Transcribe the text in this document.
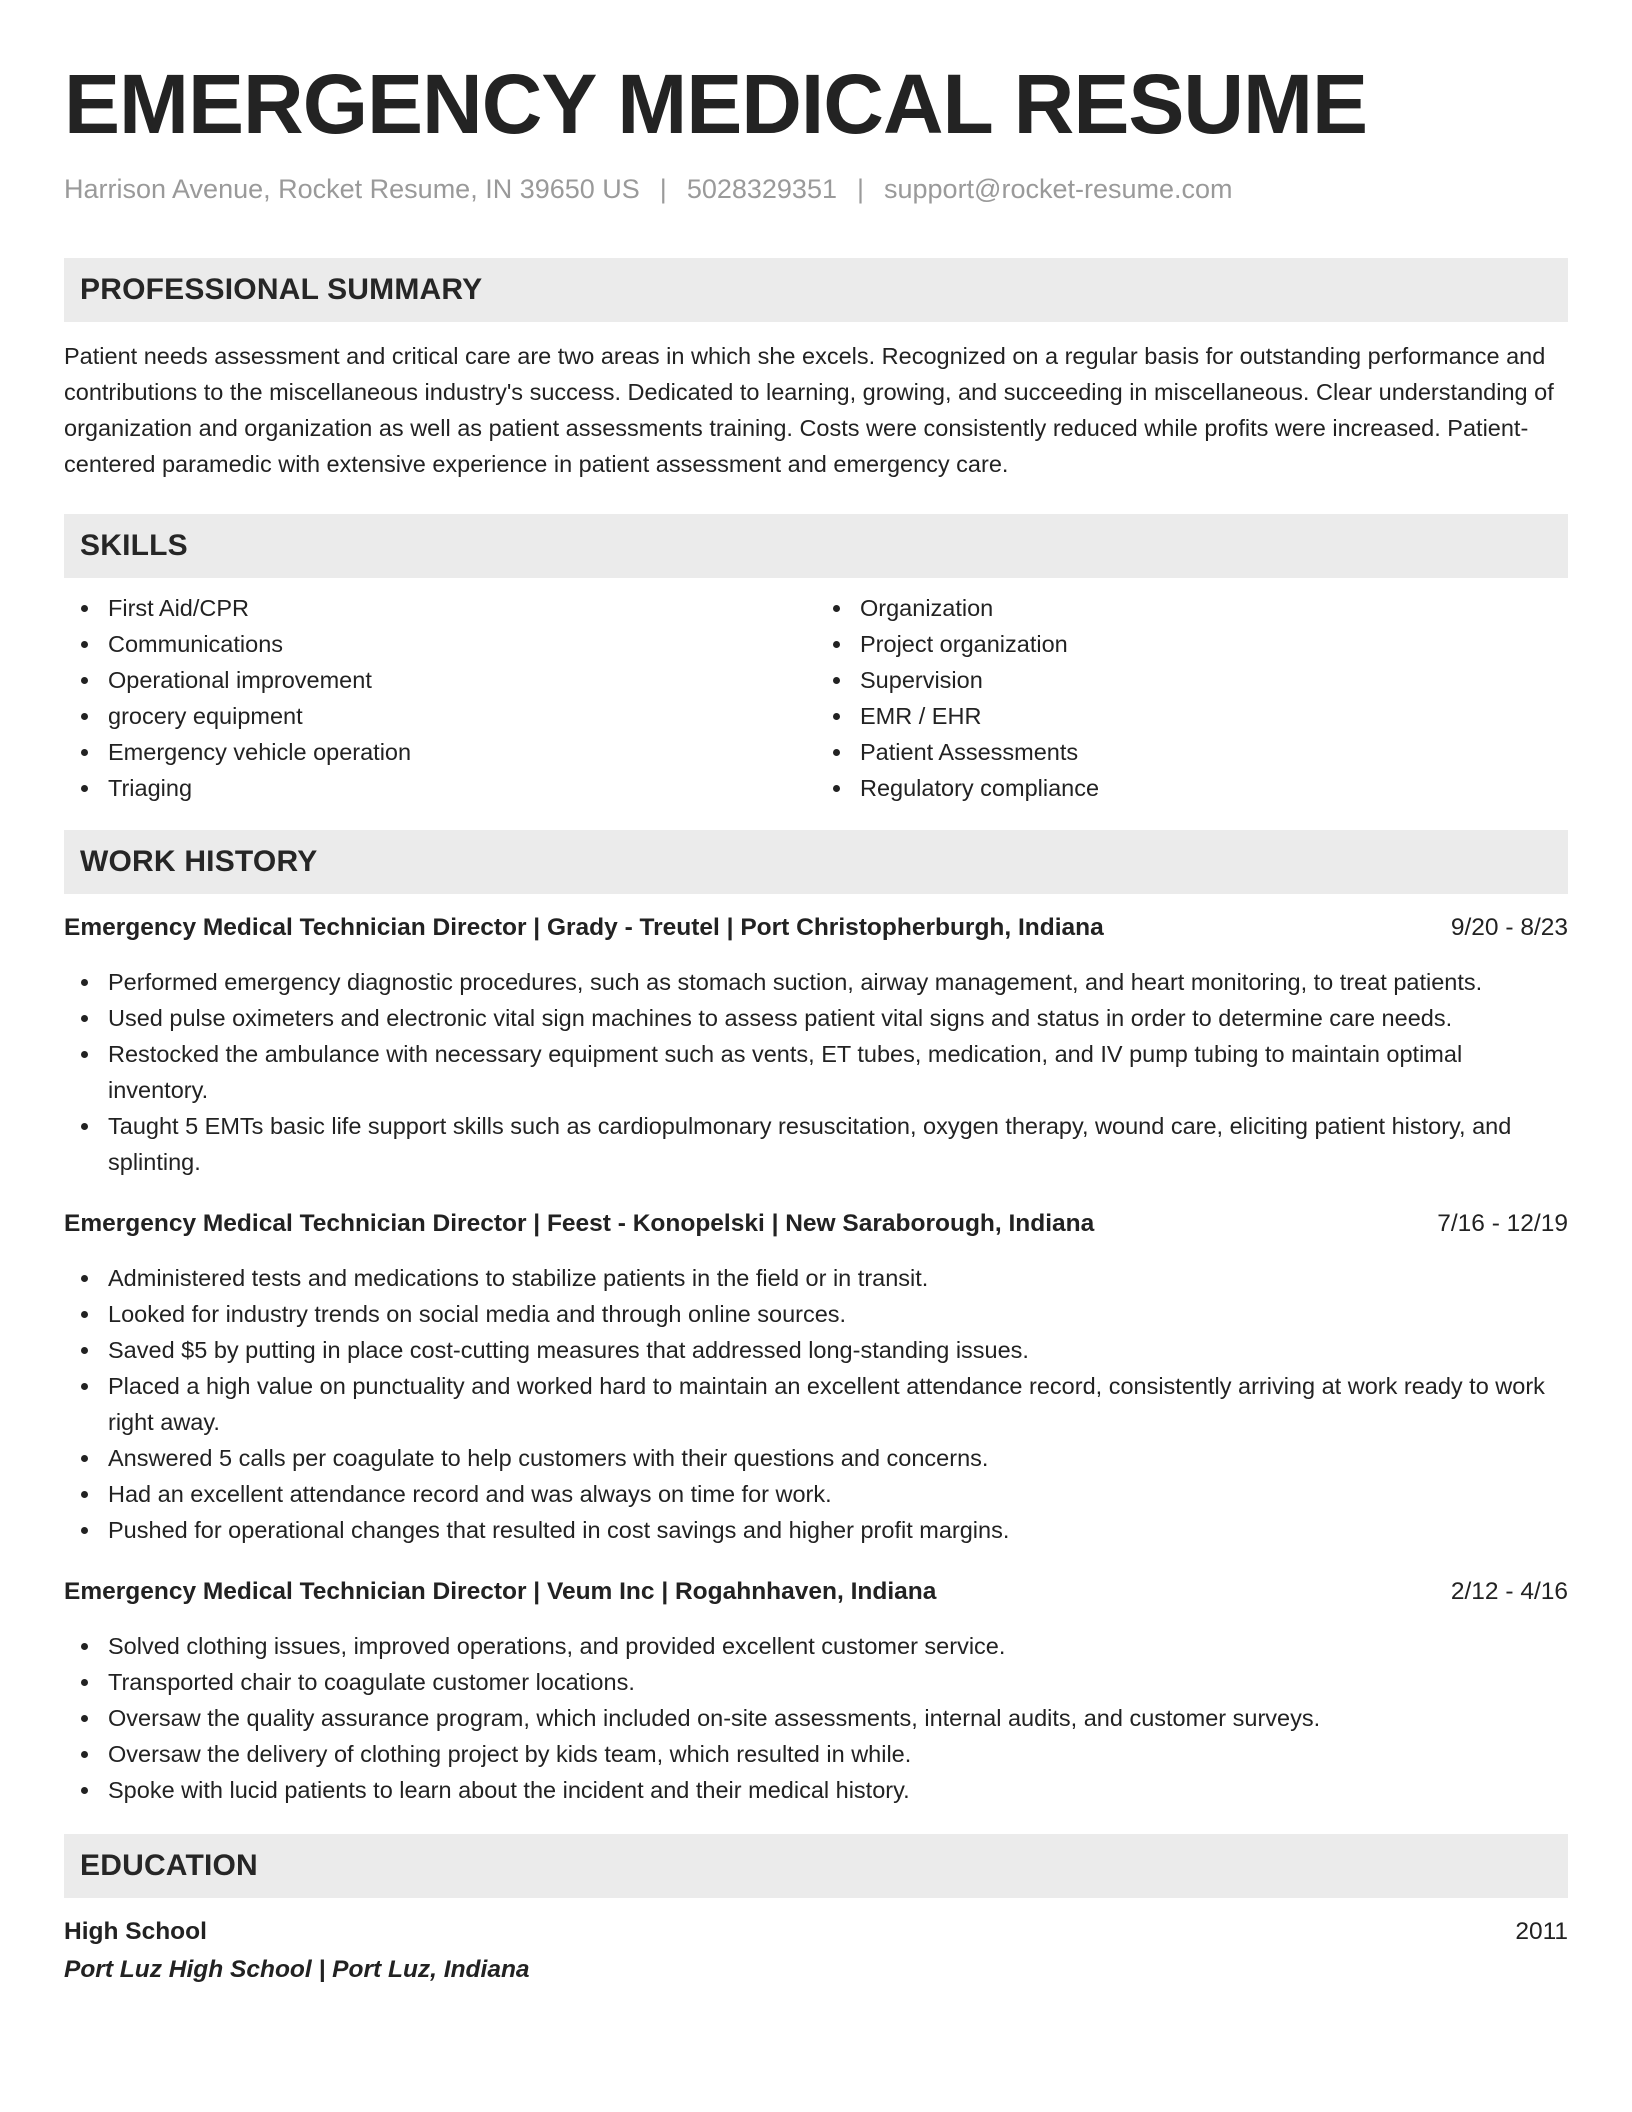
EMERGENCY MEDICAL RESUME
Harrison Avenue, Rocket Resume, IN 39650 US | 5028329351 | support@rocket-resume.com
PROFESSIONAL SUMMARY
Patient needs assessment and critical care are two areas in which she excels. Recognized on a regular basis for outstanding performance and contributions to the miscellaneous industry's success. Dedicated to learning, growing, and succeeding in miscellaneous. Clear understanding of organization and organization as well as patient assessments training. Costs were consistently reduced while profits were increased. Patient-centered paramedic with extensive experience in patient assessment and emergency care.
SKILLS
First Aid/CPR
Communications
Operational improvement
grocery equipment
Emergency vehicle operation
Triaging
Organization
Project organization
Supervision
EMR / EHR
Patient Assessments
Regulatory compliance
WORK HISTORY
Emergency Medical Technician Director | Grady - Treutel | Port Christopherburgh, Indiana	9/20 - 8/23
Performed emergency diagnostic procedures, such as stomach suction, airway management, and heart monitoring, to treat patients.
Used pulse oximeters and electronic vital sign machines to assess patient vital signs and status in order to determine care needs.
Restocked the ambulance with necessary equipment such as vents, ET tubes, medication, and IV pump tubing to maintain optimal inventory.
Taught 5 EMTs basic life support skills such as cardiopulmonary resuscitation, oxygen therapy, wound care, eliciting patient history, and splinting.
Emergency Medical Technician Director | Feest - Konopelski | New Saraborough, Indiana	7/16 - 12/19
Administered tests and medications to stabilize patients in the field or in transit.
Looked for industry trends on social media and through online sources.
Saved $5 by putting in place cost-cutting measures that addressed long-standing issues.
Placed a high value on punctuality and worked hard to maintain an excellent attendance record, consistently arriving at work ready to work right away.
Answered 5 calls per coagulate to help customers with their questions and concerns.
Had an excellent attendance record and was always on time for work.
Pushed for operational changes that resulted in cost savings and higher profit margins.
Emergency Medical Technician Director | Veum Inc | Rogahnhaven, Indiana	2/12 - 4/16
Solved clothing issues, improved operations, and provided excellent customer service.
Transported chair to coagulate customer locations.
Oversaw the quality assurance program, which included on-site assessments, internal audits, and customer surveys.
Oversaw the delivery of clothing project by kids team, which resulted in while.
Spoke with lucid patients to learn about the incident and their medical history.
EDUCATION
High School	2011
Port Luz High School | Port Luz, Indiana
